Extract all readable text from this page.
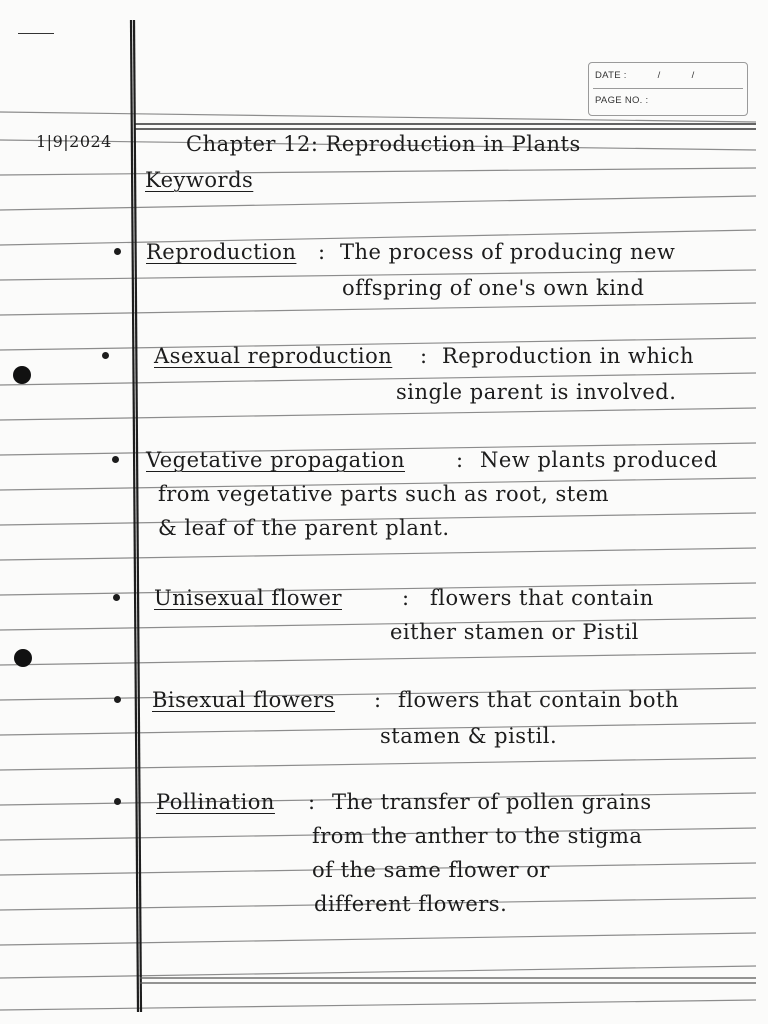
DATE :	/	/
PAGE NO. :
1|9|2024	Chapter 12: Reproduction in Plants
Keywords
Reproduction : The process of producing new
offspring of one's own kind
Asexual reproduction : Reproduction in which
single parent is involved.
Vegetative propagation : New plants produced
from vegetative parts such as root, stem
& leaf of the parent plant.
Unisexual flower	: flowers that contain
either stamen or Pistil
Bisexual flowers : flowers that contain both
stamen & pistil.
Pollination : The transfer of pollen grains
from the anther to the stigma
of the same flower or
different flowers.
